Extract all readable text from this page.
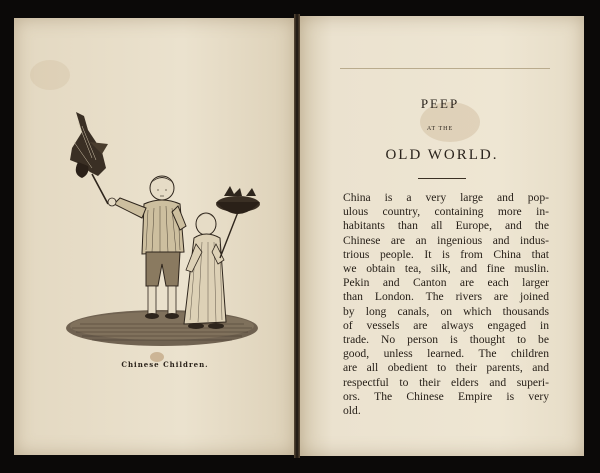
Chinese Children.
PEEP
AT THE
OLD WORLD.
China is a very large and pop-
ulous country, containing more in-
habitants than all Europe, and the
Chinese are an ingenious and indus-
trious people. It is from China that
we obtain tea, silk, and fine muslin.
Pekin and Canton are each larger
than London. The rivers are joined
by long canals, on which thousands
of vessels are always engaged in
trade. No person is thought to be
good, unless learned. The children
are all obedient to their parents, and
respectful to their elders and superi-
ors. The Chinese Empire is very
old.
